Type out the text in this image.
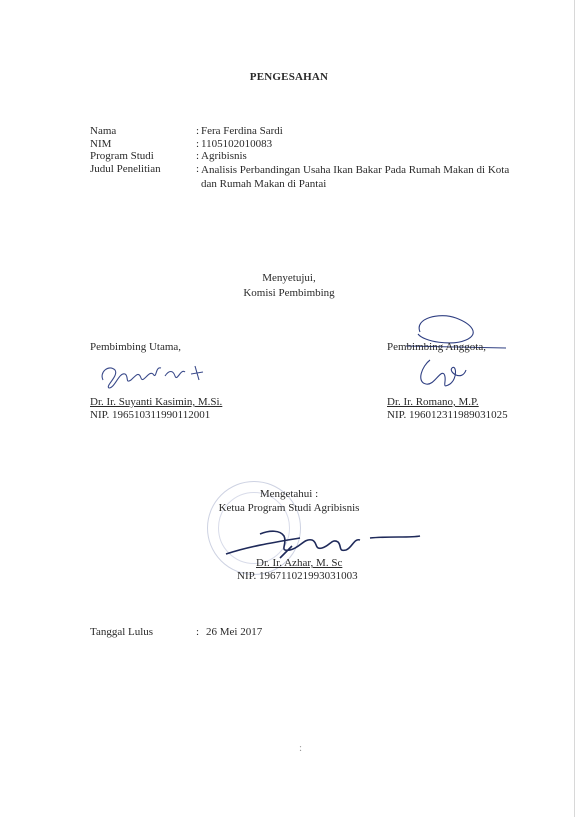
PENGESAHAN
Nama	: Fera Ferdina Sardi
NIM	: 1105102010083
Program Studi	: Agribisnis
Judul Penelitian	: Analisis Perbandingan Usaha Ikan Bakar Pada Rumah Makan di Kota dan Rumah Makan di Pantai
Menyetujui,
Komisi Pembimbing
Pembimbing Utama,
Dr. Ir. Suyanti Kasimin, M.Si.
NIP. 196510311990112001
Pembimbing Anggota,
Dr. Ir. Romano, M.P.
NIP. 196012311989031025
Mengetahui :
Ketua Program Studi Agribisnis
Dr. Ir. Azhar, M. Sc
NIP. 196711021993031003
Tanggal Lulus	: 26 Mei 2017
:
